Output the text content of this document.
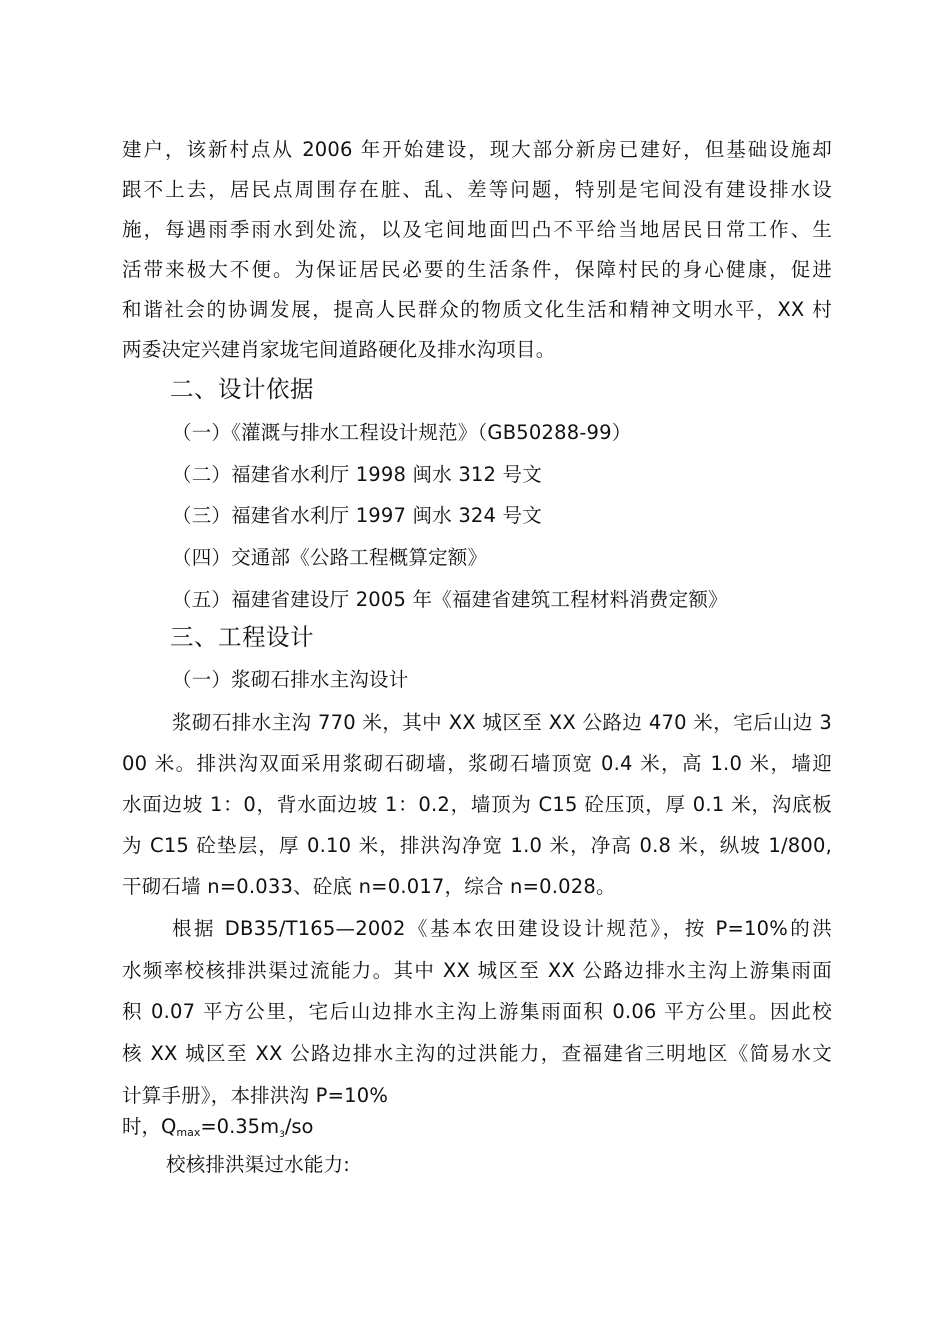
建户，该新村点从 2006 年开始建设，现大部分新房已建好，但基础设施却
跟不上去，居民点周围存在脏、乱、差等问题，特别是宅间没有建设排水设
施，每遇雨季雨水到处流，以及宅间地面凹凸不平给当地居民日常工作、生
活带来极大不便。为保证居民必要的生活条件，保障村民的身心健康，促进
和谐社会的协调发展，提高人民群众的物质文化生活和精神文明水平，XX 村
两委决定兴建肖家垅宅间道路硬化及排水沟项目。
二、设计依据
（一）《灌溉与排水工程设计规范》（GB50288-99）
（二）福建省水利厅 1998 闽水 312 号文
（三）福建省水利厅 1997 闽水 324 号文
（四）交通部《公路工程概算定额》
（五）福建省建设厅 2005 年《福建省建筑工程材料消费定额》
三、工程设计
（一）浆砌石排水主沟设计
浆砌石排水主沟 770 米，其中 XX 城区至 XX 公路边 470 米，宅后山边 3
00 米。排洪沟双面采用浆砌石砌墙，浆砌石墙顶宽 0.4 米，高 1.0 米，墙迎
水面边坡 1：0，背水面边坡 1：0.2，墙顶为 C15 砼压顶，厚 0.1 米，沟底板
为 C15 砼垫层，厚 0.10 米，排洪沟净宽 1.0 米，净高 0.8 米，纵坡 1/800,
干砌石墙 n=0.033、砼底 n=0.017，综合 n=0.028。
根据 DB35/T165—2002《基本农田建设设计规范》，按 P=10%的洪
水频率校核排洪渠过流能力。其中 XX 城区至 XX 公路边排水主沟上游集雨面
积 0.07 平方公里，宅后山边排水主沟上游集雨面积 0.06 平方公里。因此校
核 XX 城区至 XX 公路边排水主沟的过洪能力，查福建省三明地区《简易水文
计算手册》，本排洪沟 P=10%
时，$Q_{max}=0.35m_3/so$
校核排洪渠过水能力:
